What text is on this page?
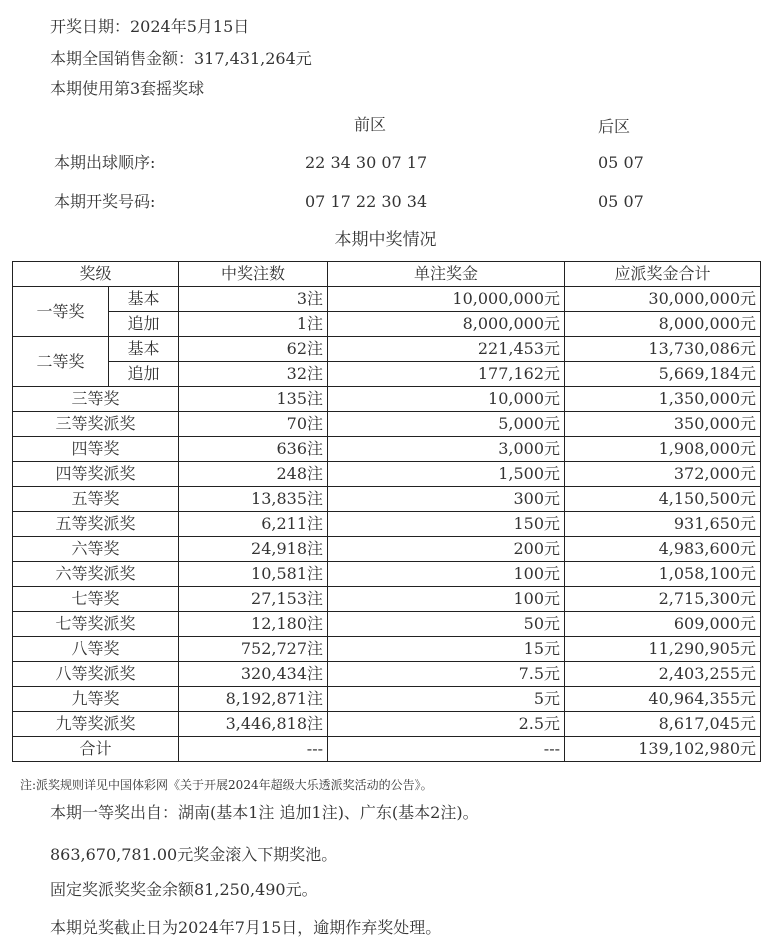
开奖日期：2024年5月15日
本期全国销售金额：317,431,264元
本期使用第3套摇奖球
前区	后区
本期出球顺序:	22 34 30 07 17	05 07
本期开奖号码:	07 17 22 30 34	05 07
本期中奖情况
奖级		中奖注数	单注奖金	应派奖金合计
一等奖	基本	3注	10,000,000元	30,000,000元
	追加	1注	8,000,000元	8,000,000元
二等奖	基本	62注	221,453元	13,730,086元
	追加	32注	177,162元	5,669,184元
三等奖		135注	10,000元	1,350,000元
三等奖派奖		70注	5,000元	350,000元
四等奖		636注	3,000元	1,908,000元
四等奖派奖		248注	1,500元	372,000元
五等奖		13,835注	300元	4,150,500元
五等奖派奖		6,211注	150元	931,650元
六等奖		24,918注	200元	4,983,600元
六等奖派奖		10,581注	100元	1,058,100元
七等奖		27,153注	100元	2,715,300元
七等奖派奖		12,180注	50元	609,000元
八等奖		752,727注	15元	11,290,905元
八等奖派奖		320,434注	7.5元	2,403,255元
九等奖		8,192,871注	5元	40,964,355元
九等奖派奖		3,446,818注	2.5元	8,617,045元
合计		---	---	139,102,980元
注:派奖规则详见中国体彩网《关于开展2024年超级大乐透派奖活动的公告》。
本期一等奖出自：湖南(基本1注 追加1注)、广东(基本2注)。
863,670,781.00元奖金滚入下期奖池。
固定奖派奖奖金余额81,250,490元。
本期兑奖截止日为2024年7月15日，逾期作弃奖处理。
